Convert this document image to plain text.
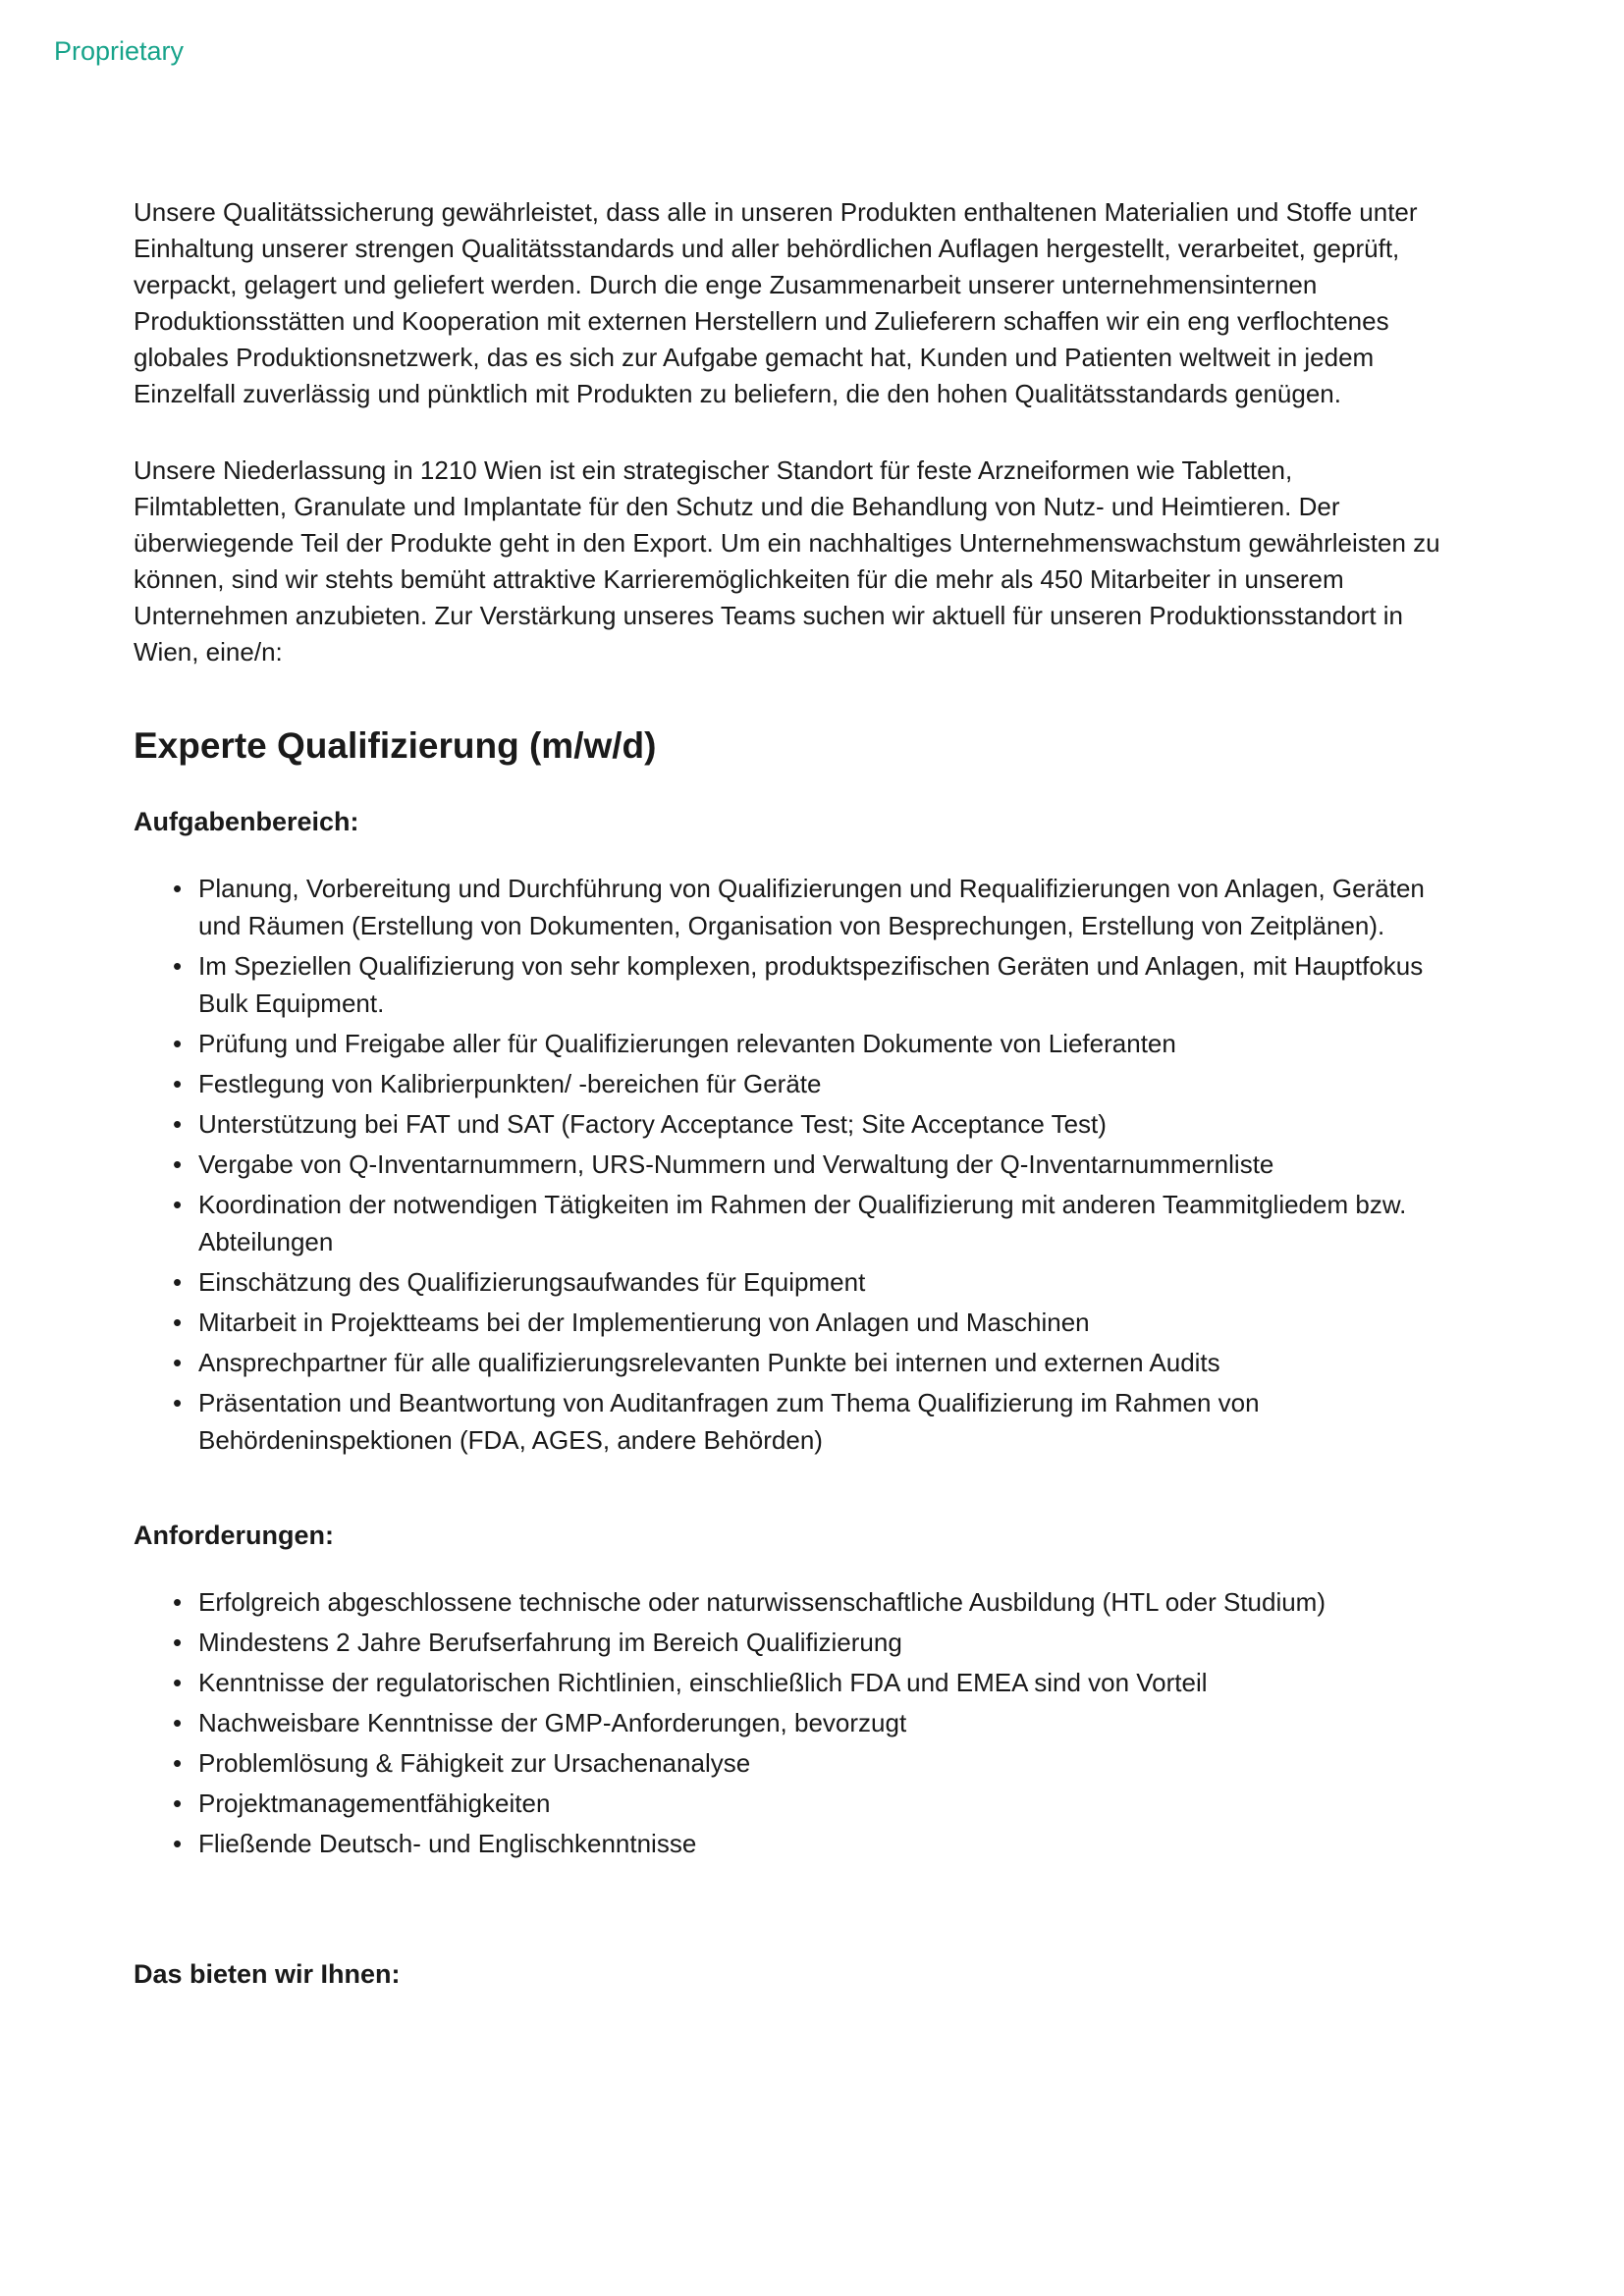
Proprietary

Unsere Qualitätssicherung gewährleistet, dass alle in unseren Produkten enthaltenen Materialien und Stoffe unter Einhaltung unserer strengen Qualitätsstandards und aller behördlichen Auflagen hergestellt, verarbeitet, geprüft, verpackt, gelagert und geliefert werden. Durch die enge Zusammenarbeit unserer unternehmensinternen Produktionsstätten und Kooperation mit externen Herstellern und Zulieferern schaffen wir ein eng verflochtenes globales Produktionsnetzwerk, das es sich zur Aufgabe gemacht hat, Kunden und Patienten weltweit in jedem Einzelfall zuverlässig und pünktlich mit Produkten zu beliefern, die den hohen Qualitätsstandards genügen.

Unsere Niederlassung in 1210 Wien ist ein strategischer Standort für feste Arzneiformen wie Tabletten, Filmtabletten, Granulate und Implantate für den Schutz und die Behandlung von Nutz- und Heimtieren. Der überwiegende Teil der Produkte geht in den Export. Um ein nachhaltiges Unternehmenswachstum gewährleisten zu können, sind wir stehts bemüht attraktive Karrieremöglichkeiten für die mehr als 450 Mitarbeiter in unserem Unternehmen anzubieten. Zur Verstärkung unseres Teams suchen wir aktuell für unseren Produktionsstandort in Wien, eine/n:

Experte Qualifizierung (m/w/d)
Aufgabenbereich:
• Planung, Vorbereitung und Durchführung von Qualifizierungen und Requalifizierungen von Anlagen, Geräten und Räumen (Erstellung von Dokumenten, Organisation von Besprechungen, Erstellung von Zeitplänen).
• Im Speziellen Qualifizierung von sehr komplexen, produktspezifischen Geräten und Anlagen, mit Hauptfokus Bulk Equipment.
• Prüfung und Freigabe aller für Qualifizierungen relevanten Dokumente von Lieferanten
• Festlegung von Kalibrierpunkten/ -bereichen für Geräte
• Unterstützung bei FAT und SAT (Factory Acceptance Test; Site Acceptance Test)
• Vergabe von Q-Inventarnummern, URS-Nummern und Verwaltung der Q-Inventarnummernliste
• Koordination der notwendigen Tätigkeiten im Rahmen der Qualifizierung mit anderen Teammitgliedem bzw. Abteilungen
• Einschätzung des Qualifizierungsaufwandes für Equipment
• Mitarbeit in Projektteams bei der Implementierung von Anlagen und Maschinen
• Ansprechpartner für alle qualifizierungsrelevanten Punkte bei internen und externen Audits
• Präsentation und Beantwortung von Auditanfragen zum Thema Qualifizierung im Rahmen von Behördeninspektionen (FDA, AGES, andere Behörden)
Anforderungen:
• Erfolgreich abgeschlossene technische oder naturwissenschaftliche Ausbildung (HTL oder Studium)
• Mindestens 2 Jahre Berufserfahrung im Bereich Qualifizierung
• Kenntnisse der regulatorischen Richtlinien, einschließlich FDA und EMEA sind von Vorteil
• Nachweisbare Kenntnisse der GMP-Anforderungen, bevorzugt
• Problemlösung & Fähigkeit zur Ursachenanalyse
• Projektmanagementfähigkeiten
• Fließende Deutsch- und Englischkenntnisse
Das bieten wir Ihnen:
